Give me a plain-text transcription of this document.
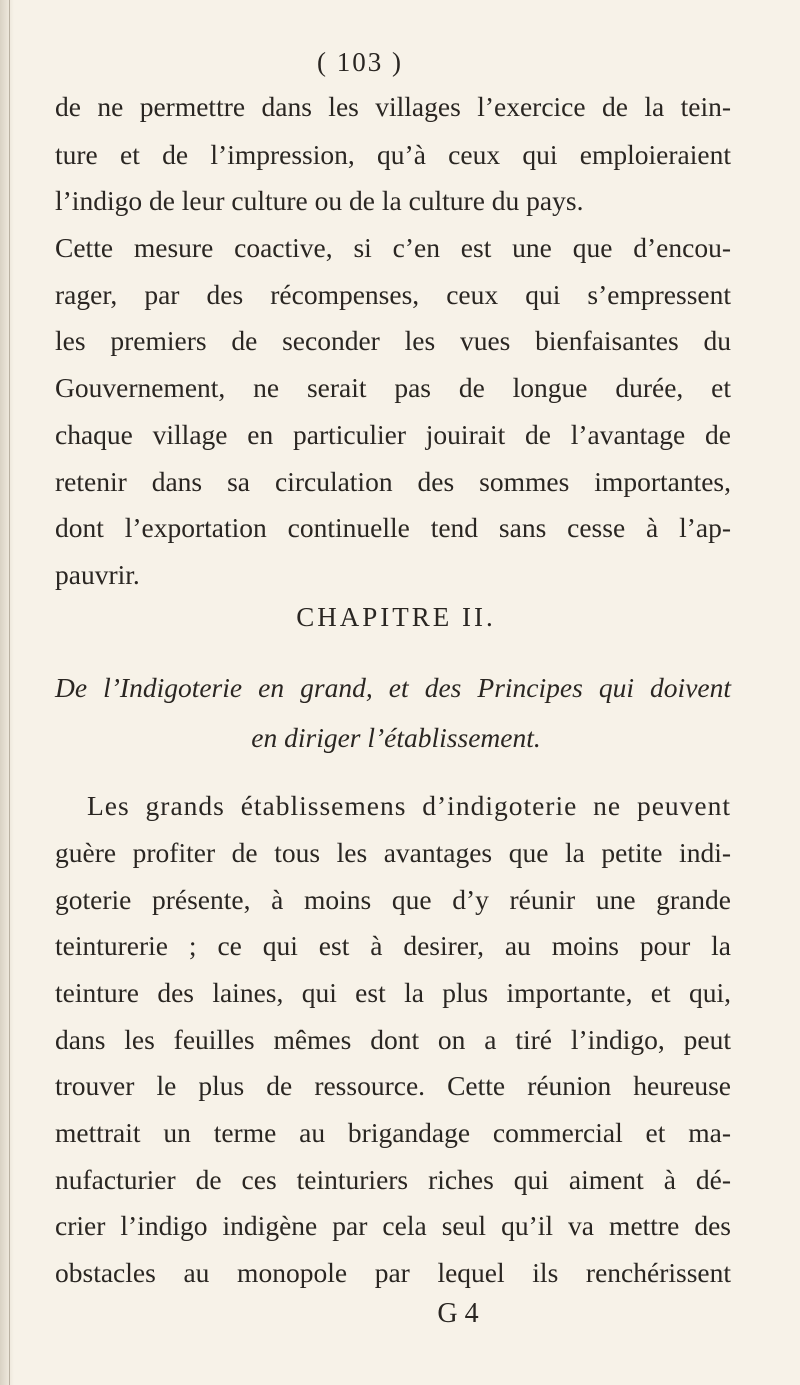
( 103 )
de ne permettre dans les villages l’exercice de la tein-
ture et de l’impression, qu’à ceux qui emploieraient
l’indigo de leur culture ou de la culture du pays.
Cette mesure coactive, si c’en est une que d’encou-
rager, par des récompenses, ceux qui s’empressent
les premiers de seconder les vues bienfaisantes du
Gouvernement, ne serait pas de longue durée, et
chaque village en particulier jouirait de l’avantage de
retenir dans sa circulation des sommes importantes,
dont l’exportation continuelle tend sans cesse à l’ap-
pauvrir.
CHAPITRE II.
De l’Indigoterie en grand, et des Principes qui doivent
en diriger l’établissement.
Les grands établissemens d’indigoterie ne peuvent
guère profiter de tous les avantages que la petite indi-
goterie présente, à moins que d’y réunir une grande
teinturerie ; ce qui est à desirer, au moins pour la
teinture des laines, qui est la plus importante, et qui,
dans les feuilles mêmes dont on a tiré l’indigo, peut
trouver le plus de ressource. Cette réunion heureuse
mettrait un terme au brigandage commercial et ma-
nufacturier de ces teinturiers riches qui aiment à dé-
crier l’indigo indigène par cela seul qu’il va mettre des
obstacles au monopole par lequel ils renchérissent
G 4
